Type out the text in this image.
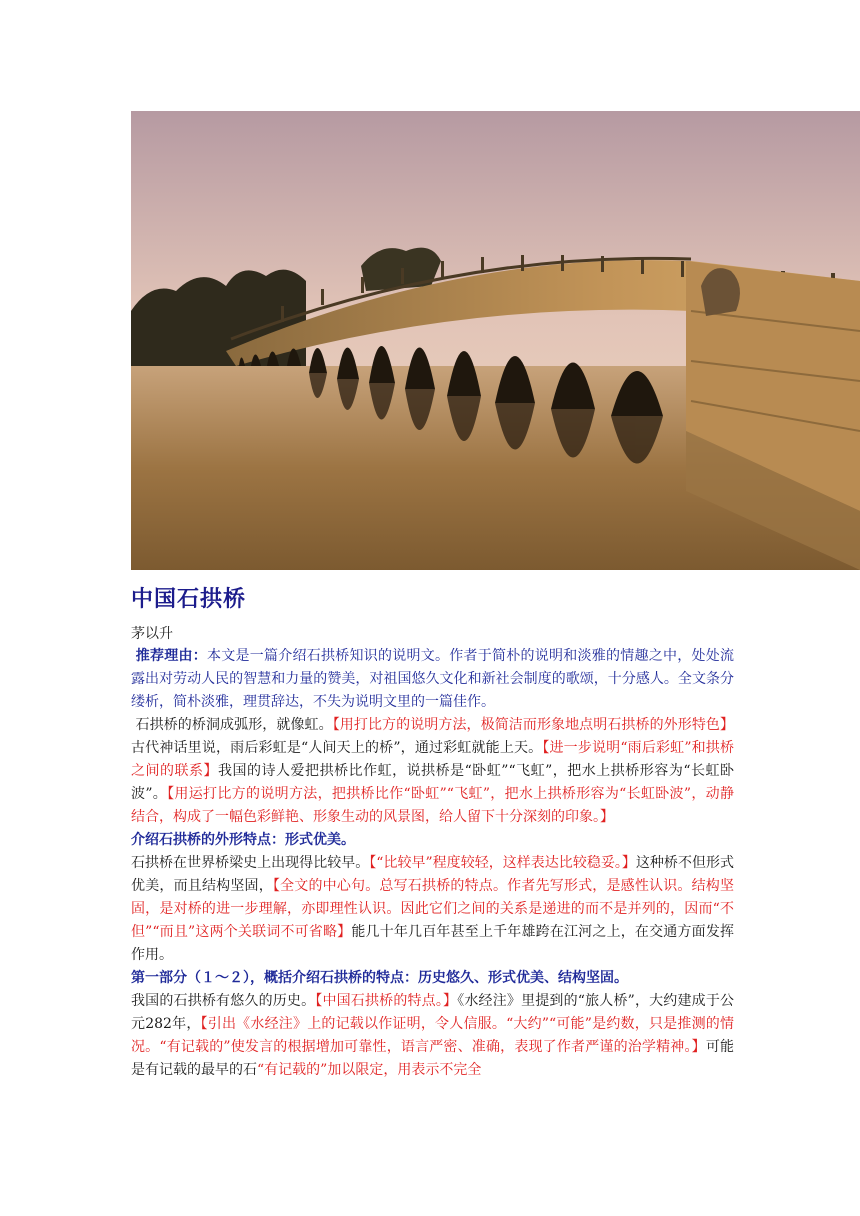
中国石拱桥
茅以升

推荐理由：本文是一篇介绍石拱桥知识的说明文。作者于简朴的说明和淡雅的情趣之中，处处流露出对劳动人民的智慧和力量的赞美，对祖国悠久文化和新社会制度的歌颂，十分感人。全文条分缕析，简朴淡雅，理贯辞达，不失为说明文里的一篇佳作。

石拱桥的桥洞成弧形，就像虹。【用打比方的说明方法，极简洁而形象地点明石拱桥的外形特色】古代神话里说，雨后彩虹是“人间天上的桥”，通过彩虹就能上天。【进一步说明“雨后彩虹”和拱桥之间的联系】我国的诗人爱把拱桥比作虹，说拱桥是“卧虹”“飞虹”，把水上拱桥形容为“长虹卧波”。【用运打比方的说明方法，把拱桥比作“卧虹”“飞虹”，把水上拱桥形容为“长虹卧波”，动静结合，构成了一幅色彩鲜艳、形象生动的风景图，给人留下十分深刻的印象。】

介绍石拱桥的外形特点：形式优美。

石拱桥在世界桥梁史上出现得比较早。【“比较早”程度较轻，这样表达比较稳妥。】这种桥不但形式优美，而且结构坚固，【全文的中心句。总写石拱桥的特点。作者先写形式，是感性认识。结构坚固，是对桥的进一步理解，亦即理性认识。因此它们之间的关系是递进的而不是并列的，因而“不但”“而且”这两个关联词不可省略】能几十年几百年甚至上千年雄跨在江河之上，在交通方面发挥作用。

第一部分（１～２），概括介绍石拱桥的特点：历史悠久、形式优美、结构坚固。

我国的石拱桥有悠久的历史。【中国石拱桥的特点。】《水经注》里提到的“旅人桥”，大约建成于公元282年，【引出《水经注》上的记载以作证明，令人信服。“大约”“可能”是约数，只是推测的情况。“有记载的”使发言的根据增加可靠性，语言严密、准确，表现了作者严谨的治学精神。】可能是有记载的最早的石“有记载的”加以限定，用表示不完全
